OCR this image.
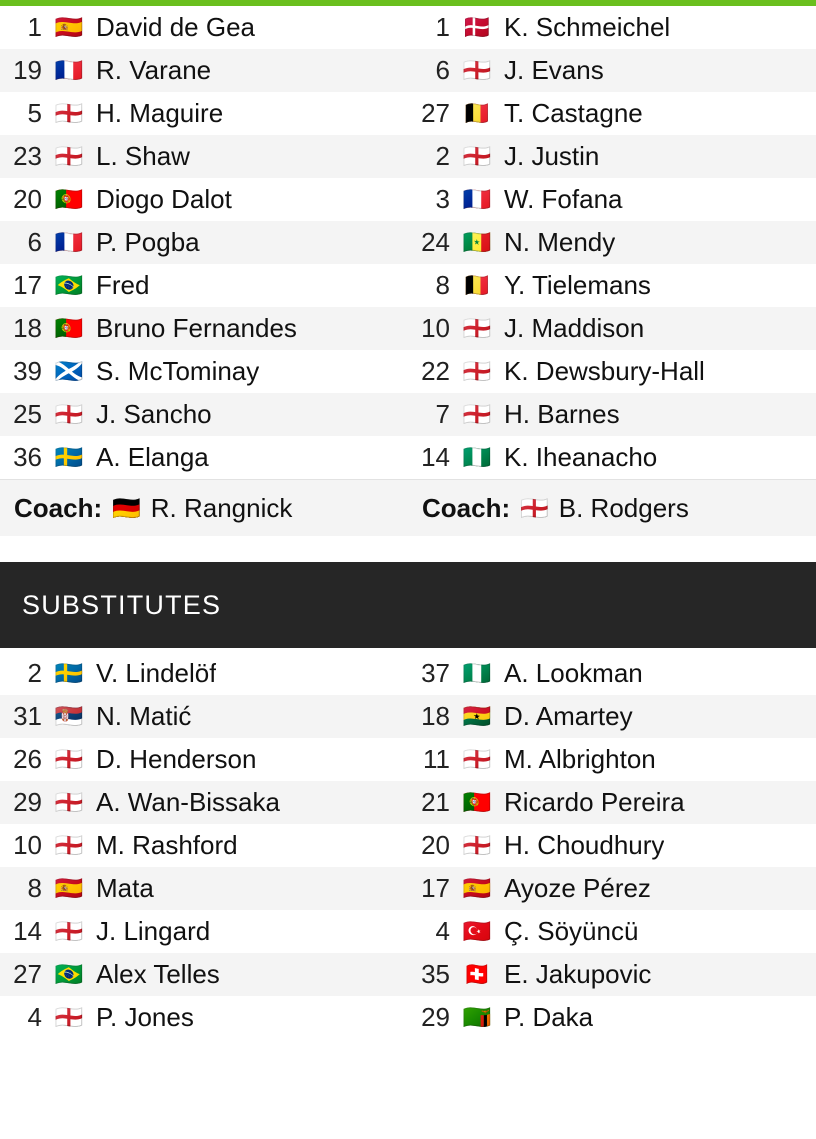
1 🇪🇸 David de Gea	1 🇩🇰 K. Schmeichel
19 🇫🇷 R. Varane	6 🏴󠁧󠁢󠁥󠁮󠁧󠁿 J. Evans
5 🏴󠁧󠁢󠁥󠁮󠁧󠁿 H. Maguire	27 🇧🇪 T. Castagne
23 🏴󠁧󠁢󠁥󠁮󠁧󠁿 L. Shaw	2 🏴󠁧󠁢󠁥󠁮󠁧󠁿 J. Justin
20 🇵🇹 Diogo Dalot	3 🇫🇷 W. Fofana
6 🇫🇷 P. Pogba	24 🇸🇳 N. Mendy
17 🇧🇷 Fred	8 🇧🇪 Y. Tielemans
18 🇵🇹 Bruno Fernandes	10 🏴󠁧󠁢󠁥󠁮󠁧󠁿 J. Maddison
39 🏴󠁧󠁢󠁳󠁣󠁴󠁿 S. McTominay	22 🏴󠁧󠁢󠁥󠁮󠁧󠁿 K. Dewsbury-Hall
25 🏴󠁧󠁢󠁥󠁮󠁧󠁿 J. Sancho	7 🏴󠁧󠁢󠁥󠁮󠁧󠁿 H. Barnes
36 🇸🇪 A. Elanga	14 🇳🇬 K. Iheanacho
Coach: 🇩🇪 R. Rangnick	Coach: 🏴󠁧󠁢󠁥󠁮󠁧󠁿 B. Rodgers
SUBSTITUTES
2 🇸🇪 V. Lindelöf	37 🇳🇬 A. Lookman
31 🇷🇸 N. Matić	18 🇬🇭 D. Amartey
26 🏴󠁧󠁢󠁥󠁮󠁧󠁿 D. Henderson	11 🏴󠁧󠁢󠁥󠁮󠁧󠁿 M. Albrighton
29 🏴󠁧󠁢󠁥󠁮󠁧󠁿 A. Wan-Bissaka	21 🇵🇹 Ricardo Pereira
10 🏴󠁧󠁢󠁥󠁮󠁧󠁿 M. Rashford	20 🏴󠁧󠁢󠁥󠁮󠁧󠁿 H. Choudhury
8 🇪🇸 Mata	17 🇪🇸 Ayoze Pérez
14 🏴󠁧󠁢󠁥󠁮󠁧󠁿 J. Lingard	4 🇹🇷 Ç. Söyüncü
27 🇧🇷 Alex Telles	35 🇨🇭 E. Jakupovic
4 🏴󠁧󠁢󠁥󠁮󠁧󠁿 P. Jones	29 🇿🇲 P. Daka
